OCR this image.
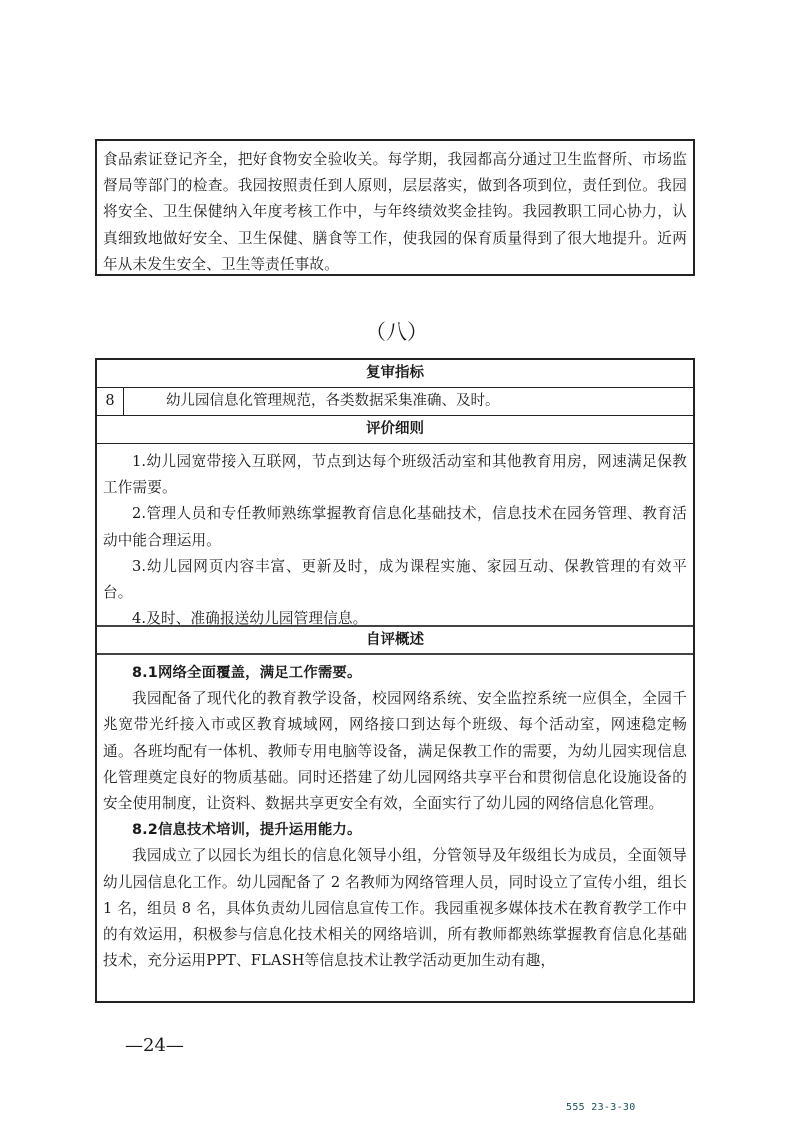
食品索证登记齐全，把好食物安全验收关。每学期，我园都高分通过卫生监督所、市场监督局等部门的检查。我园按照责任到人原则，层层落实，做到各项到位，责任到位。我园将安全、卫生保健纳入年度考核工作中，与年终绩效奖金挂钩。我园教职工同心协力，认真细致地做好安全、卫生保健、膳食等工作，使我园的保育质量得到了很大地提升。近两年从未发生安全、卫生等责任事故。

（八）
复审指标
8	幼儿园信息化管理规范，各类数据采集准确、及时。
评价细则

1.幼儿园宽带接入互联网，节点到达每个班级活动室和其他教育用房，网速满足保教工作需要。

2.管理人员和专任教师熟练掌握教育信息化基础技术，信息技术在园务管理、教育活动中能合理运用。

3.幼儿园网页内容丰富、更新及时，成为课程实施、家园互动、保教管理的有效平台。

4.及时、准确报送幼儿园管理信息。

自评概述

8.1网络全面覆盖，满足工作需要。

我园配备了现代化的教育教学设备，校园网络系统、安全监控系统一应俱全，全园千兆宽带光纤接入市或区教育城域网，网络接口到达每个班级、每个活动室，网速稳定畅通。各班均配有一体机、教师专用电脑等设备，满足保教工作的需要，为幼儿园实现信息化管理奠定良好的物质基础。同时还搭建了幼儿园网络共享平台和贯彻信息化设施设备的安全使用制度，让资料、数据共享更安全有效，全面实行了幼儿园的网络信息化管理。

8.2信息技术培训，提升运用能力。

我园成立了以园长为组长的信息化领导小组，分管领导及年级组长为成员，全面领导幼儿园信息化工作。幼儿园配备了 2 名教师为网络管理人员，同时设立了宣传小组，组长 1 名，组员 8 名，具体负责幼儿园信息宣传工作。我园重视多媒体技术在教育教学工作中的有效运用，积极参与信息化技术相关的网络培训，所有教师都熟练掌握教育信息化基础技术，充分运用PPT、FLASH等信息技术让教学活动更加生动有趣，

—24—
555 23-3-30
